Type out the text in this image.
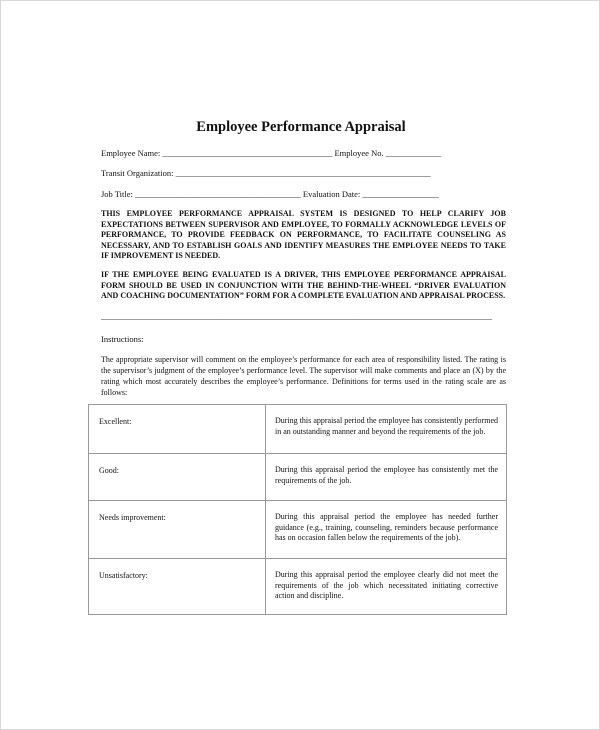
Employee Performance Appraisal

Employee Name: ________________________________________ Employee No. _____________

Transit Organization: ____________________________________________________________

Job Title: _______________________________________ Evaluation Date: __________________

THIS EMPLOYEE PERFORMANCE APPRAISAL SYSTEM IS DESIGNED TO HELP CLARIFY JOB EXPECTATIONS BETWEEN SUPERVISOR AND EMPLOYEE, TO FORMALLY ACKNOWLEDGE LEVELS OF PERFORMANCE, TO PROVIDE FEEDBACK ON PERFORMANCE, TO FACILITATE COUNSELING AS NECESSARY, AND TO ESTABLISH GOALS AND IDENTIFY MEASURES THE EMPLOYEE NEEDS TO TAKE IF IMPROVEMENT IS NEEDED.

IF THE EMPLOYEE BEING EVALUATED IS A DRIVER, THIS EMPLOYEE PERFORMANCE APPRAISAL FORM SHOULD BE USED IN CONJUNCTION WITH THE BEHIND-THE-WHEEL “DRIVER EVALUATION AND COACHING DOCUMENTATION” FORM FOR A COMPLETE EVALUATION AND APPRAISAL PROCESS.

____________________________________________________________________________________________

Instructions:

The appropriate supervisor will comment on the employee’s performance for each area of responsibility listed. The rating is the supervisor’s judgment of the employee’s performance level. The supervisor will make comments and place an (X) by the rating which most accurately describes the employee’s performance. Definitions for terms used in the rating scale are as follows:

Excellent:	During this appraisal period the employee has consistently performed in an outstanding manner and beyond the requirements of the job.

Good:	During this appraisal period the employee has consistently met the requirements of the job.

Needs improvement:	During this appraisal period the employee has needed further guidance (e.g., training, counseling, reminders because performance has on occasion fallen below the requirements of the job).

Unsatisfactory:	During this appraisal period the employee clearly did not meet the requirements of the job which necessitated initiating corrective action and discipline.
